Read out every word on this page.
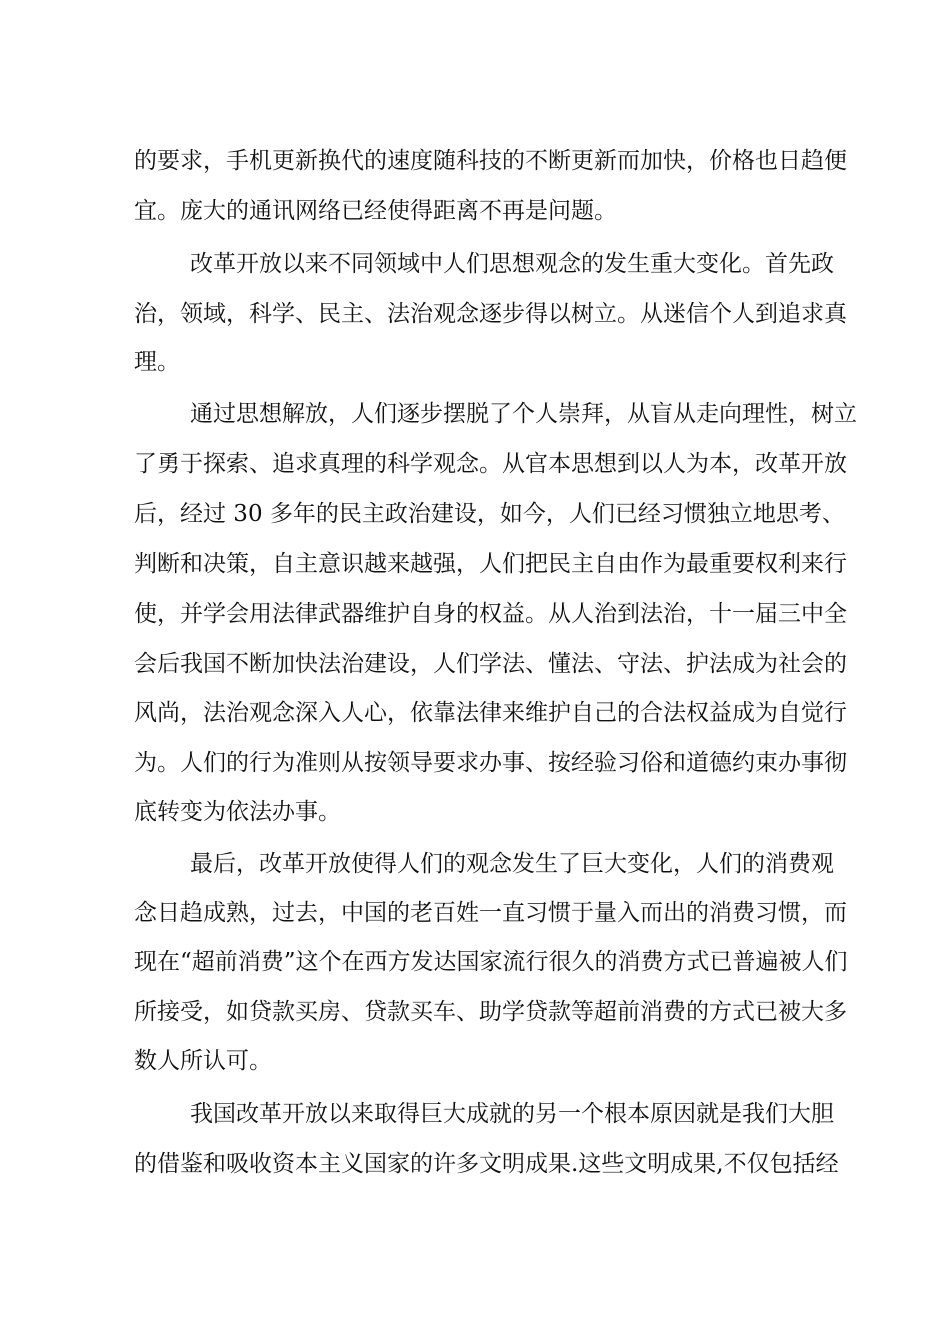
的要求，手机更新换代的速度随科技的不断更新而加快，价格也日趋便

宜。庞大的通讯网络已经使得距离不再是问题。

改革开放以来不同领域中人们思想观念的发生重大变化。首先政

治，领域，科学、民主、法治观念逐步得以树立。从迷信个人到追求真

理。

通过思想解放，人们逐步摆脱了个人崇拜，从盲从走向理性，树立

了勇于探索、追求真理的科学观念。从官本思想到以人为本，改革开放

后，经过 30 多年的民主政治建设，如今，人们已经习惯独立地思考、

判断和决策，自主意识越来越强，人们把民主自由作为最重要权利来行

使，并学会用法律武器维护自身的权益。从人治到法治，十一届三中全

会后我国不断加快法治建设，人们学法、懂法、守法、护法成为社会的

风尚，法治观念深入人心，依靠法律来维护自己的合法权益成为自觉行

为。人们的行为准则从按领导要求办事、按经验习俗和道德约束办事彻

底转变为依法办事。

最后，改革开放使得人们的观念发生了巨大变化，人们的消费观

念日趋成熟，过去，中国的老百姓一直习惯于量入而出的消费习惯，而

现在“超前消费”这个在西方发达国家流行很久的消费方式已普遍被人们

所接受，如贷款买房、贷款买车、助学贷款等超前消费的方式已被大多

数人所认可。

我国改革开放以来取得巨大成就的另一个根本原因就是我们大胆

的借鉴和吸收资本主义国家的许多文明成果.这些文明成果,不仅包括经
